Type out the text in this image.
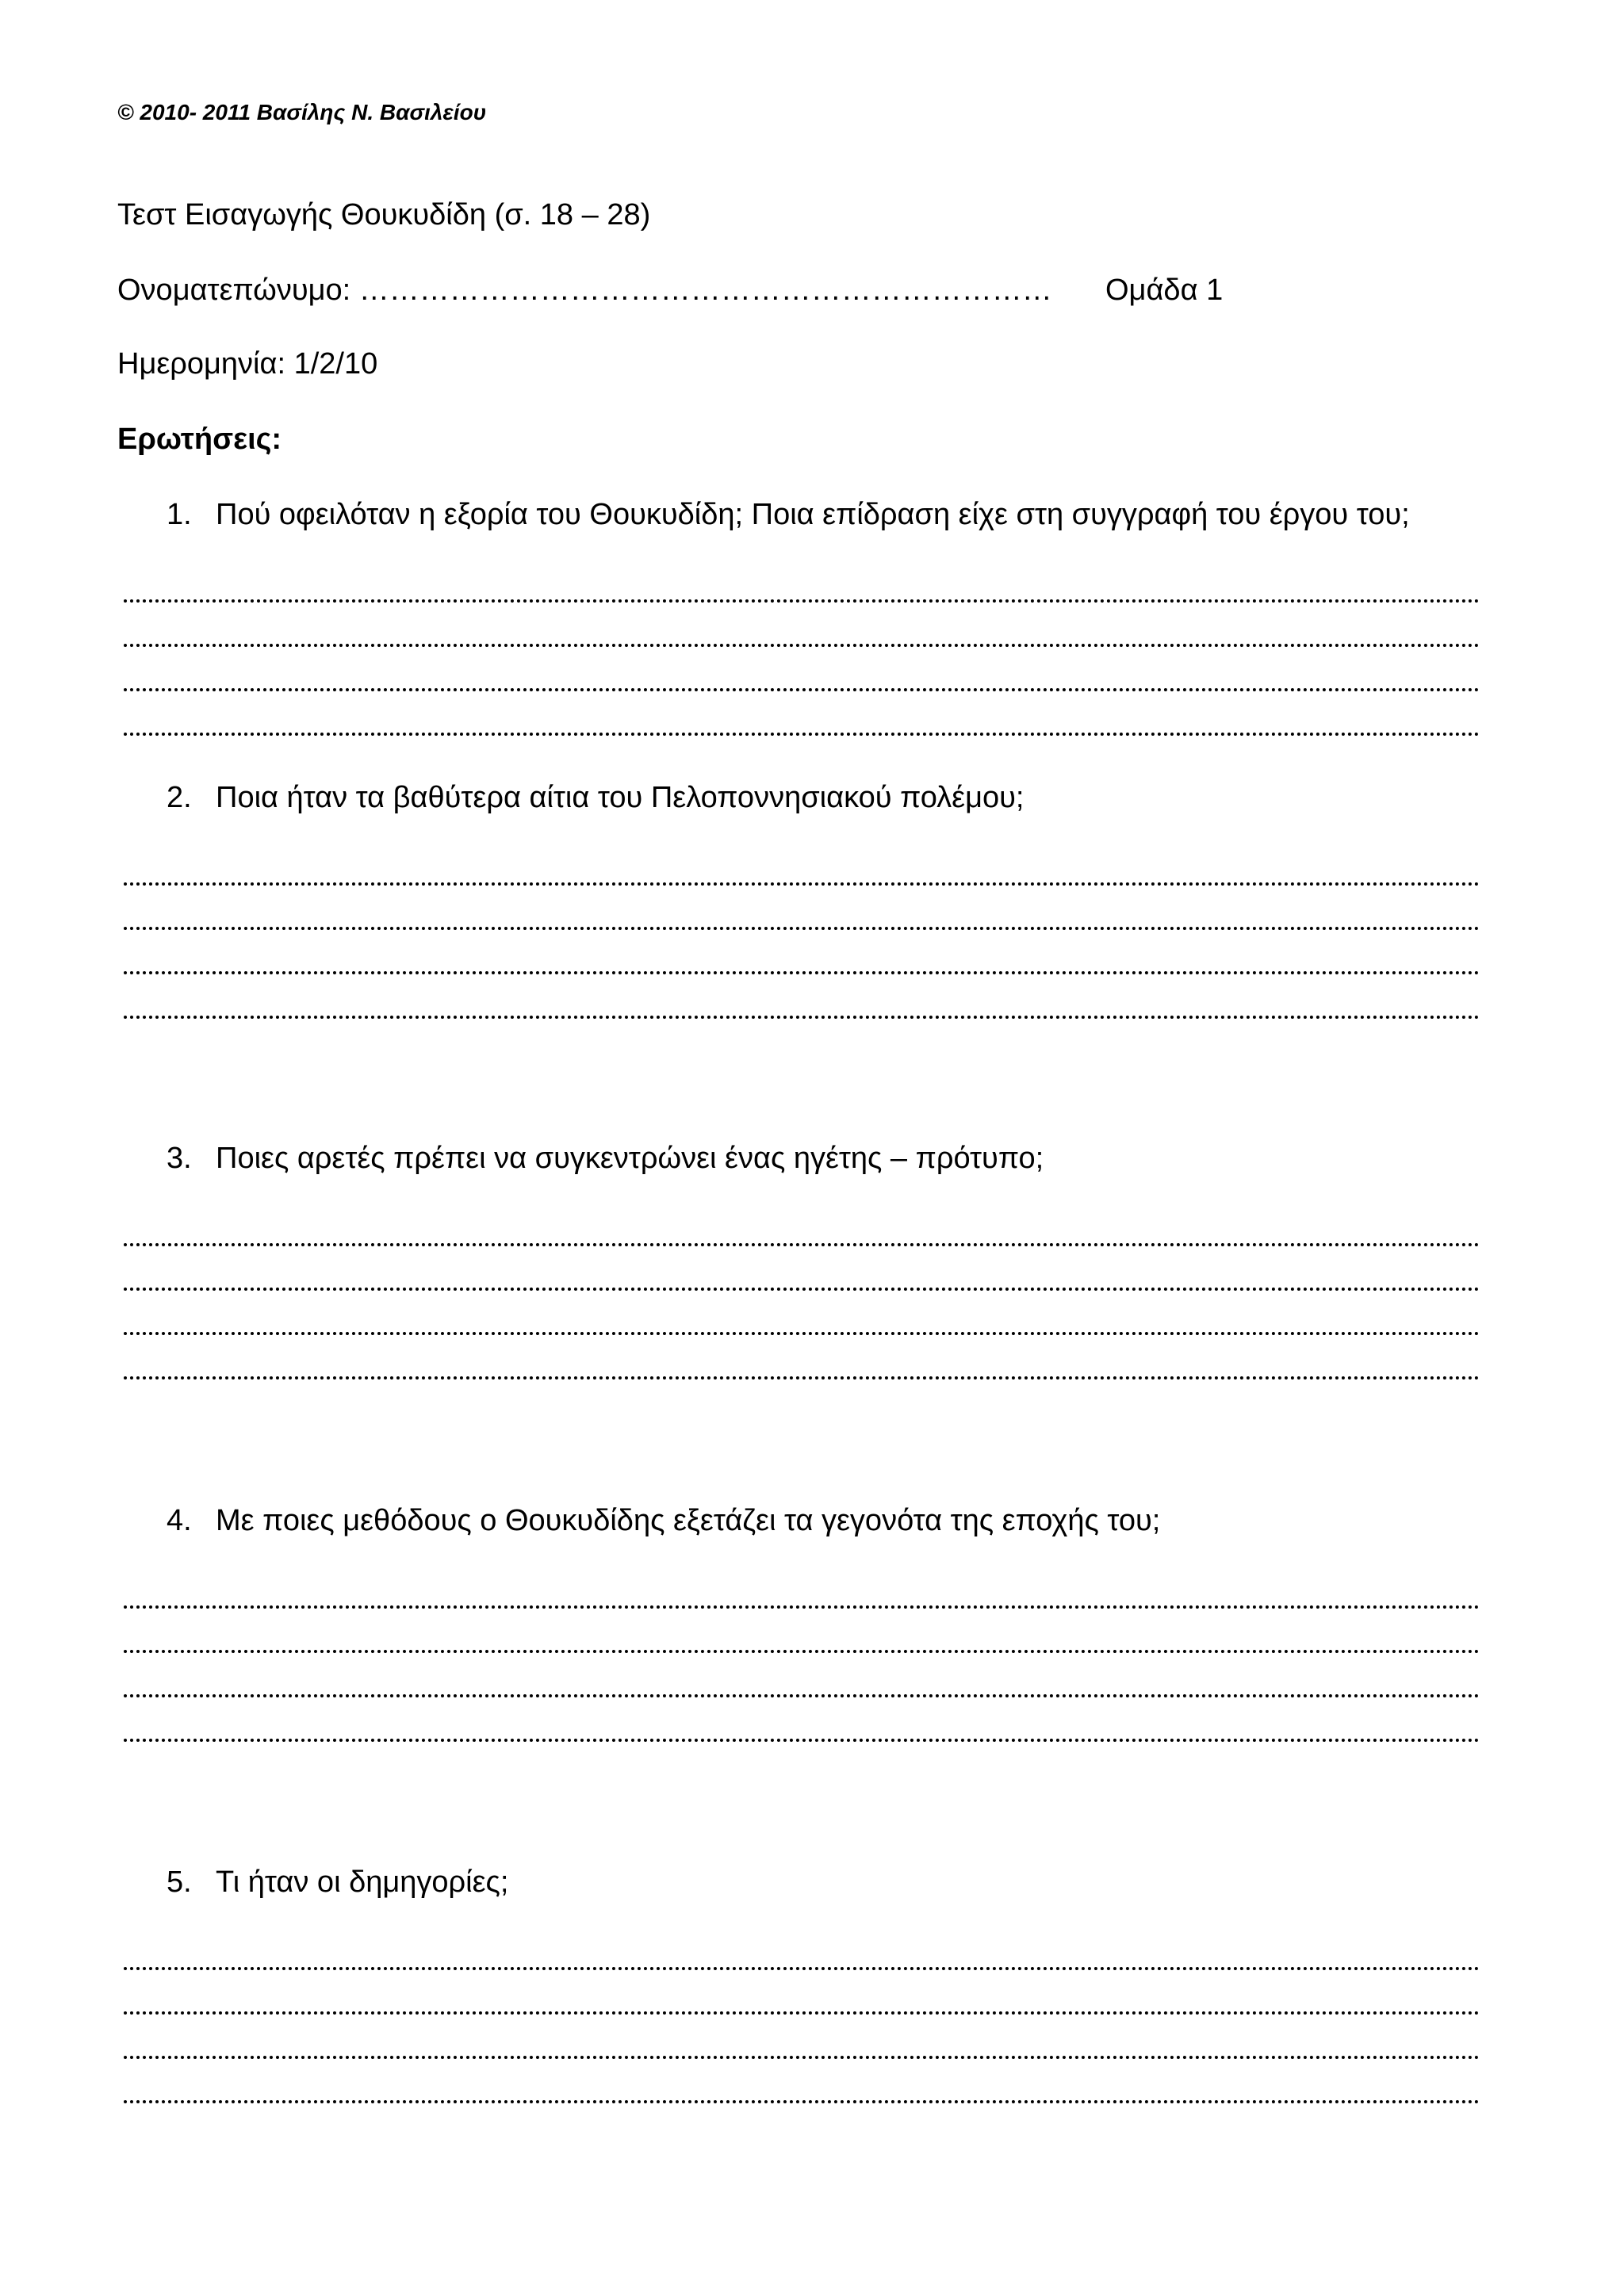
© 2010- 2011 Βασίλης Ν. Βασιλείου
Τεστ Εισαγωγής Θουκυδίδη (σ. 18 – 28)
Ονοματεπώνυμο: …………………………………………………………… Ομάδα 1
Ημερομηνία: 1/2/10
Ερωτήσεις:
1. Πού οφειλόταν η εξορία του Θουκυδίδη; Ποια επίδραση είχε στη συγγραφή του έργου του;
2. Ποια ήταν τα βαθύτερα αίτια του Πελοποννησιακού πολέμου;
3. Ποιες αρετές πρέπει να συγκεντρώνει ένας ηγέτης – πρότυπο;
4. Με ποιες μεθόδους ο Θουκυδίδης εξετάζει τα γεγονότα της εποχής του;
5. Τι ήταν οι δημηγορίες;
